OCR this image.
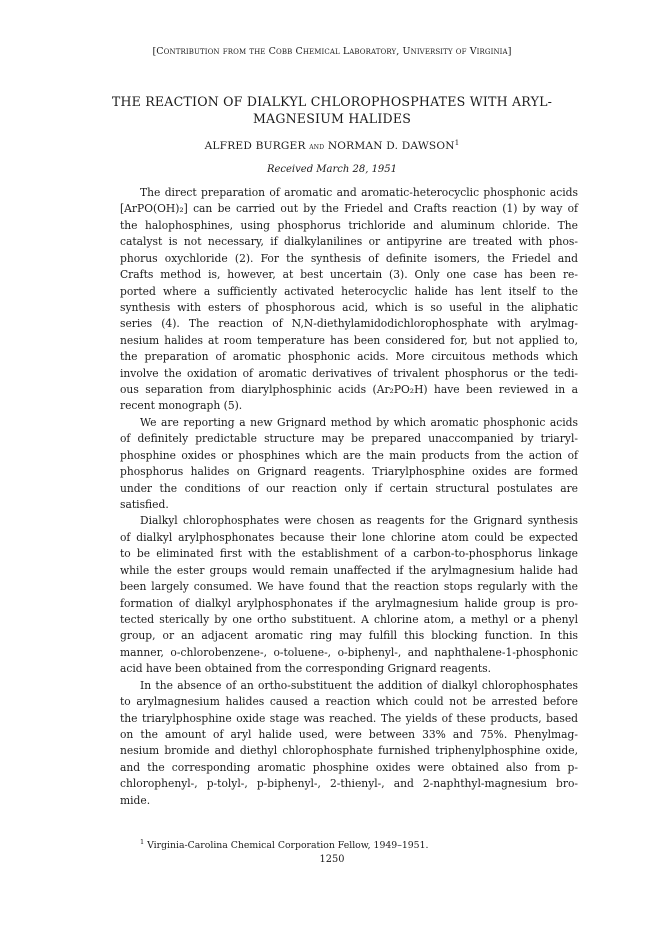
[Contribution from the Cobb Chemical Laboratory, University of Virginia]
THE REACTION OF DIALKYL CHLOROPHOSPHATES WITH ARYL-
MAGNESIUM HALIDES
ALFRED BURGER and NORMAN D. DAWSON$^1$
Received March 28, 1951
The direct preparation of aromatic and aromatic-heterocyclic phosphonic acids
[ArPO(OH)₂] can be carried out by the Friedel and Crafts reaction (1) by way of
the halophosphines, using phosphorus trichloride and aluminum chloride. The
catalyst is not necessary, if dialkylanilines or antipyrine are treated with phos-
phorus oxychloride (2). For the synthesis of definite isomers, the Friedel and
Crafts method is, however, at best uncertain (3). Only one case has been re-
ported where a sufficiently activated heterocyclic halide has lent itself to the
synthesis with esters of phosphorous acid, which is so useful in the aliphatic
series (4). The reaction of N,N-diethylamidodichlorophosphate with arylmag-
nesium halides at room temperature has been considered for, but not applied to,
the preparation of aromatic phosphonic acids. More circuitous methods which
involve the oxidation of aromatic derivatives of trivalent phosphorus or the tedi-
ous separation from diarylphosphinic acids (Ar₂PO₂H) have been reviewed in a
recent monograph (5).
We are reporting a new Grignard method by which aromatic phosphonic acids
of definitely predictable structure may be prepared unaccompanied by triaryl-
phosphine oxides or phosphines which are the main products from the action of
phosphorus halides on Grignard reagents. Triarylphosphine oxides are formed
under the conditions of our reaction only if certain structural postulates are
satisfied.
Dialkyl chlorophosphates were chosen as reagents for the Grignard synthesis
of dialkyl arylphosphonates because their lone chlorine atom could be expected
to be eliminated first with the establishment of a carbon-to-phosphorus linkage
while the ester groups would remain unaffected if the arylmagnesium halide had
been largely consumed. We have found that the reaction stops regularly with the
formation of dialkyl arylphosphonates if the arylmagnesium halide group is pro-
tected sterically by one ortho substituent. A chlorine atom, a methyl or a phenyl
group, or an adjacent aromatic ring may fulfill this blocking function. In this
manner, o-chlorobenzene-, o-toluene-, o-biphenyl-, and naphthalene-1-phosphonic
acid have been obtained from the corresponding Grignard reagents.
In the absence of an ortho-substituent the addition of dialkyl chlorophosphates
to arylmagnesium halides caused a reaction which could not be arrested before
the triarylphosphine oxide stage was reached. The yields of these products, based
on the amount of aryl halide used, were between 33% and 75%. Phenylmag-
nesium bromide and diethyl chlorophosphate furnished triphenylphosphine oxide,
and the corresponding aromatic phosphine oxides were obtained also from p-
chlorophenyl-, p-tolyl-, p-biphenyl-, 2-thienyl-, and 2-naphthyl-magnesium bro-
mide.
$^1$ Virginia-Carolina Chemical Corporation Fellow, 1949–1951.
1250
